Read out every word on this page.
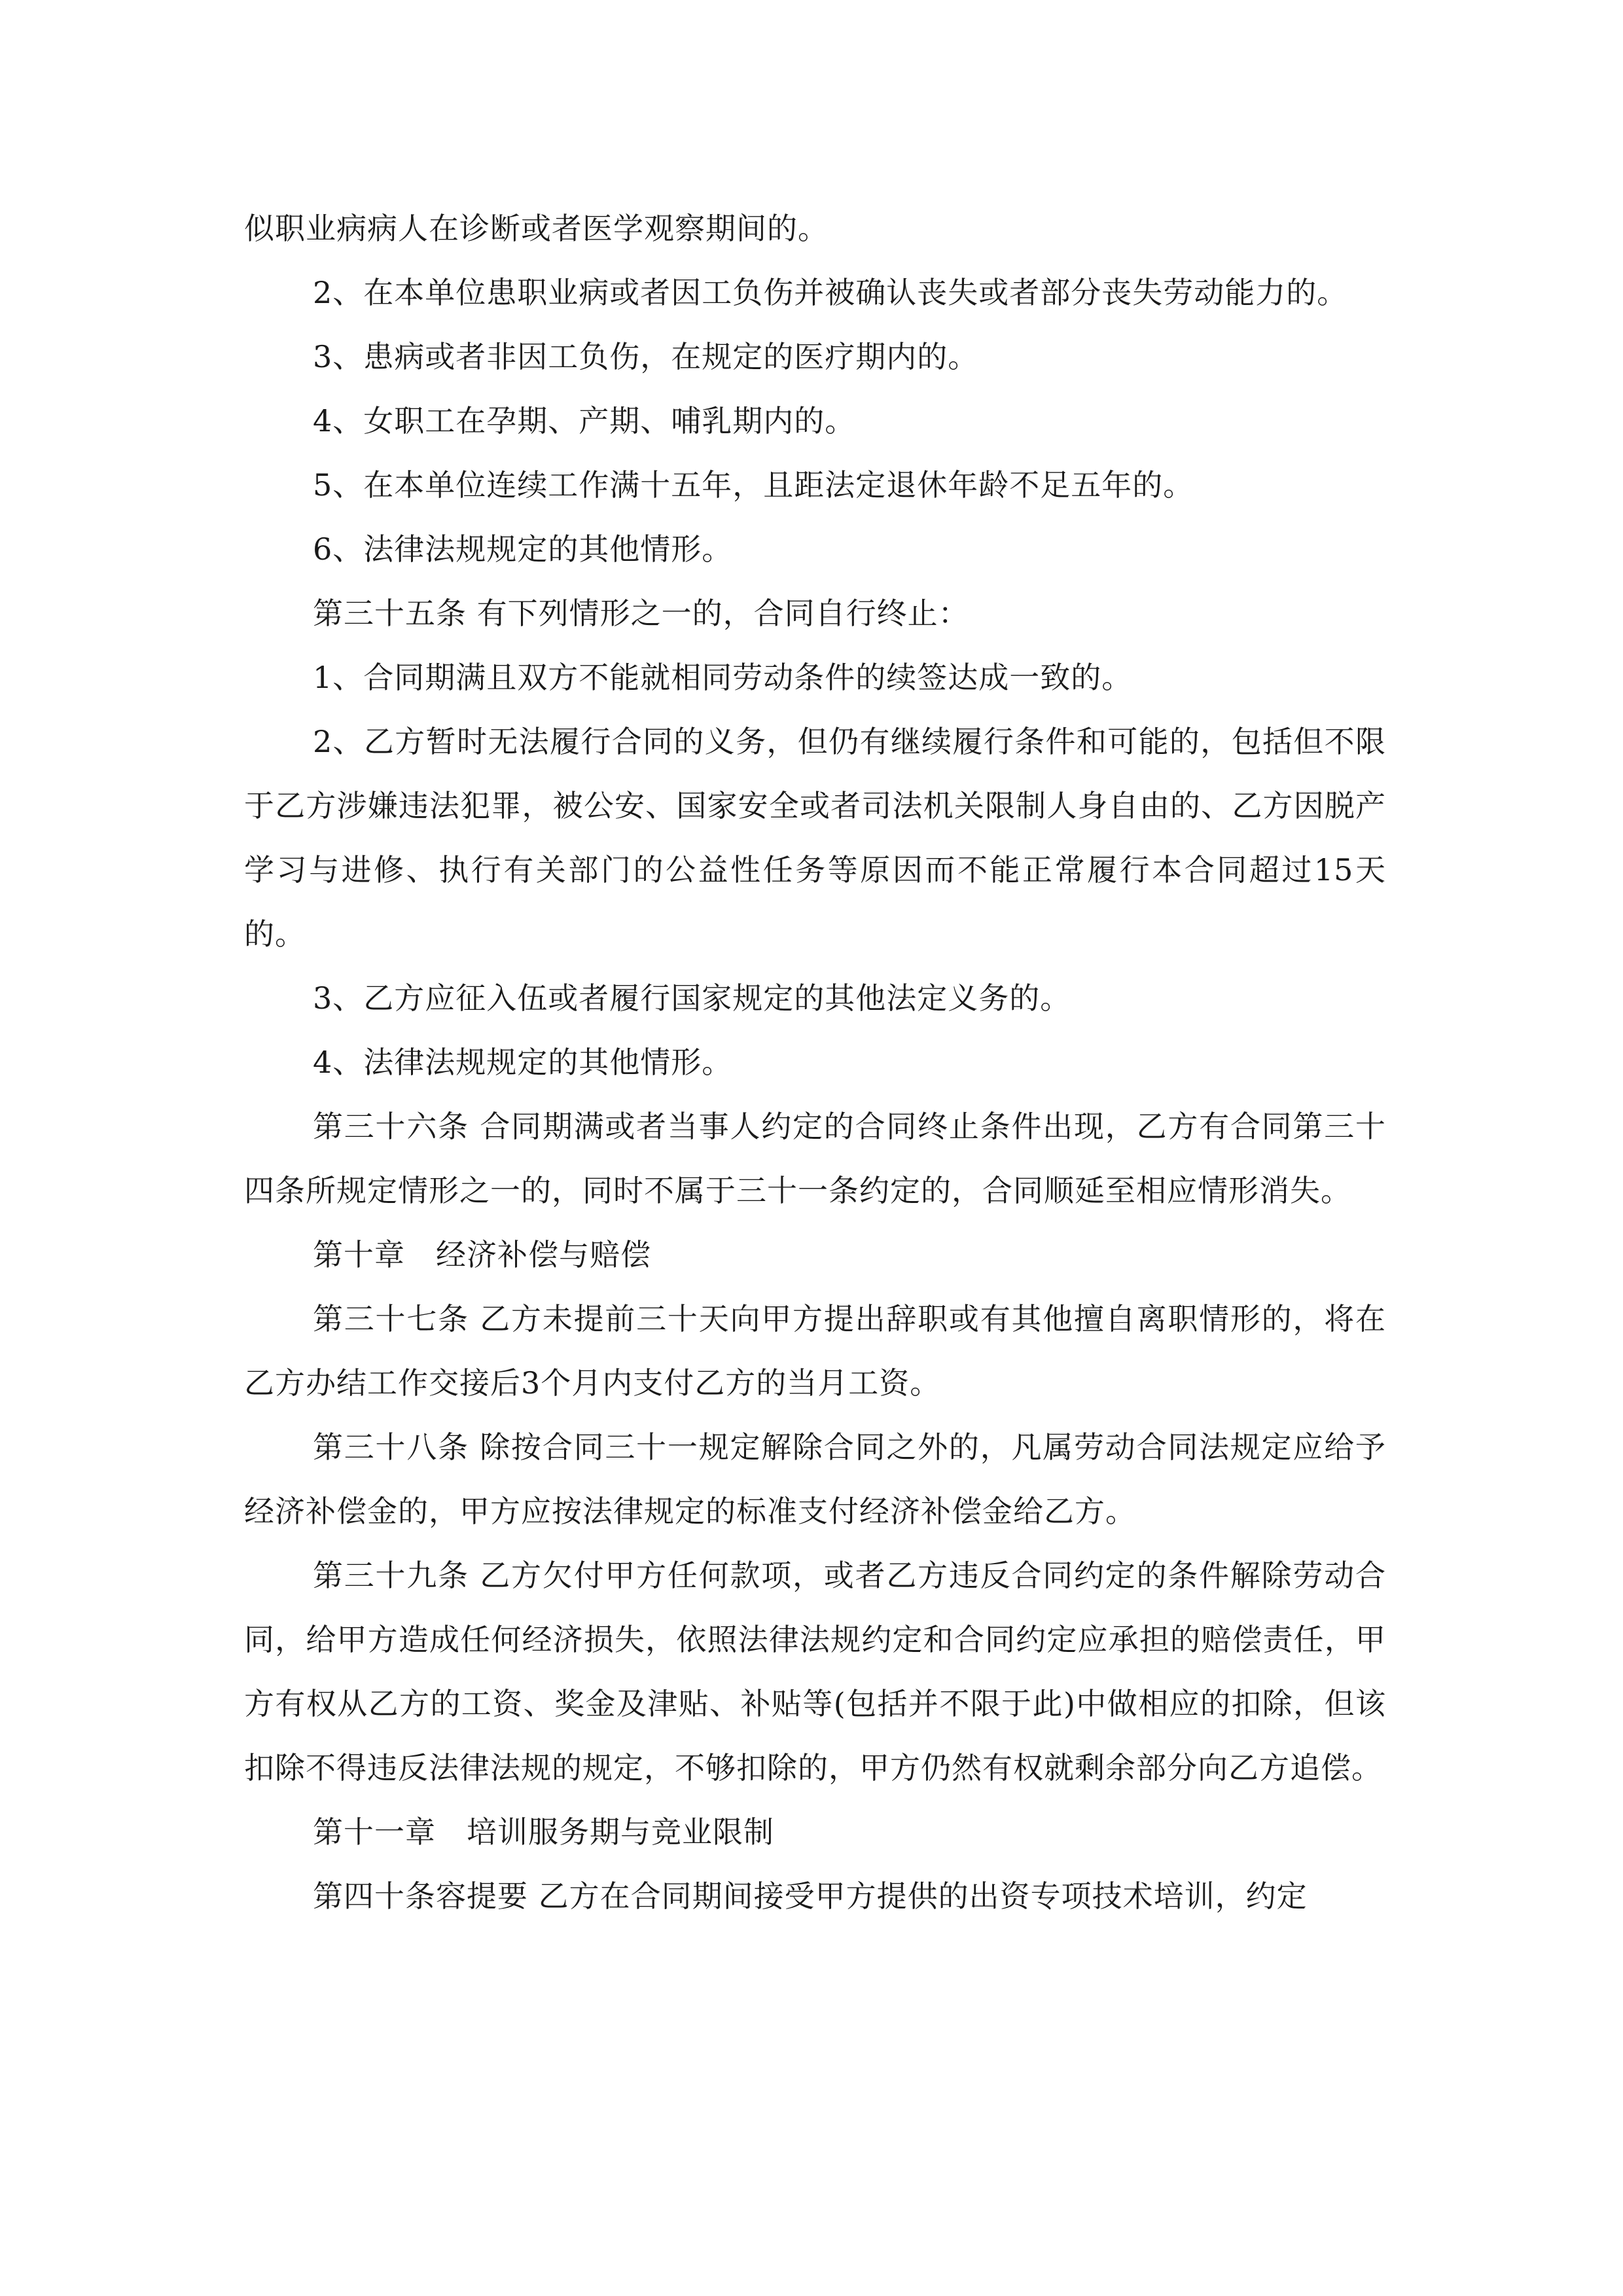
似职业病病人在诊断或者医学观察期间的。

2、在本单位患职业病或者因工负伤并被确认丧失或者部分丧失劳动能力的。

3、患病或者非因工负伤，在规定的医疗期内的。

4、女职工在孕期、产期、哺乳期内的。

5、在本单位连续工作满十五年，且距法定退休年龄不足五年的。

6、法律法规规定的其他情形。

第三十五条 有下列情形之一的，合同自行终止：

1、合同期满且双方不能就相同劳动条件的续签达成一致的。

2、乙方暂时无法履行合同的义务，但仍有继续履行条件和可能的，包括但不限于乙方涉嫌违法犯罪，被公安、国家安全或者司法机关限制人身自由的、乙方因脱产学习与进修、执行有关部门的公益性任务等原因而不能正常履行本合同超过15天的。

3、乙方应征入伍或者履行国家规定的其他法定义务的。

4、法律法规规定的其他情形。

第三十六条 合同期满或者当事人约定的合同终止条件出现，乙方有合同第三十四条所规定情形之一的，同时不属于三十一条约定的，合同顺延至相应情形消失。

第十章　经济补偿与赔偿

第三十七条 乙方未提前三十天向甲方提出辞职或有其他擅自离职情形的，将在乙方办结工作交接后3个月内支付乙方的当月工资。

第三十八条 除按合同三十一规定解除合同之外的，凡属劳动合同法规定应给予经济补偿金的，甲方应按法律规定的标准支付经济补偿金给乙方。

第三十九条 乙方欠付甲方任何款项，或者乙方违反合同约定的条件解除劳动合同，给甲方造成任何经济损失，依照法律法规约定和合同约定应承担的赔偿责任，甲方有权从乙方的工资、奖金及津贴、补贴等(包括并不限于此)中做相应的扣除，但该扣除不得违反法律法规的规定，不够扣除的，甲方仍然有权就剩余部分向乙方追偿。

第十一章　培训服务期与竞业限制

第四十条容提要 乙方在合同期间接受甲方提供的出资专项技术培训，约定
